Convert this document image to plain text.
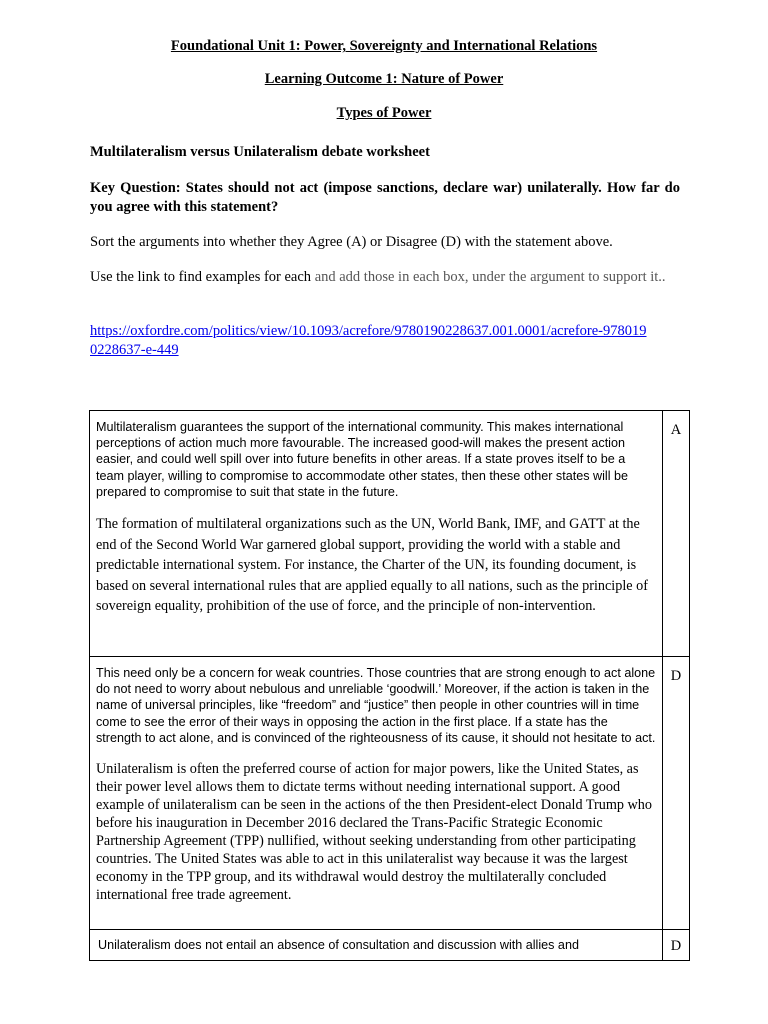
Foundational Unit 1: Power, Sovereignty and International Relations
Learning Outcome 1: Nature of Power
Types of Power
Multilateralism versus Unilateralism debate worksheet
Key Question: States should not act (impose sanctions, declare war) unilaterally. How far do you agree with this statement?
Sort the arguments into whether they Agree (A) or Disagree (D) with the statement above.
Use the link to find examples for each and add those in each box, under the argument to support it..
https://oxfordre.com/politics/view/10.1093/acrefore/9780190228637.001.0001/acrefore-9780190228637-e-449

Multilateralism guarantees the support of the international community. This makes international perceptions of action much more favourable. The increased good-will makes the present action easier, and could well spill over into future benefits in other areas. If a state proves itself to be a team player, willing to compromise to accommodate other states, then these other states will be prepared to compromise to suit that state in the future.

The formation of multilateral organizations such as the UN, World Bank, IMF, and GATT at the end of the Second World War garnered global support, providing the world with a stable and predictable international system. For instance, the Charter of the UN, its founding document, is based on several international rules that are applied equally to all nations, such as the principle of sovereign equality, prohibition of the use of force, and the principle of non-intervention.	A

This need only be a concern for weak countries. Those countries that are strong enough to act alone do not need to worry about nebulous and unreliable ‘goodwill.’ Moreover, if the action is taken in the name of universal principles, like “freedom” and “justice” then people in other countries will in time come to see the error of their ways in opposing the action in the first place. If a state has the strength to act alone, and is convinced of the righteousness of its cause, it should not hesitate to act.

Unilateralism is often the preferred course of action for major powers, like the United States, as their power level allows them to dictate terms without needing international support. A good example of unilateralism can be seen in the actions of the then President-elect Donald Trump who before his inauguration in December 2016 declared the Trans-Pacific Strategic Economic Partnership Agreement (TPP) nullified, without seeking understanding from other participating countries. The United States was able to act in this unilateralist way because it was the largest economy in the TPP group, and its withdrawal would destroy the multilaterally concluded international free trade agreement.	D

Unilateralism does not entail an absence of consultation and discussion with allies and	D
